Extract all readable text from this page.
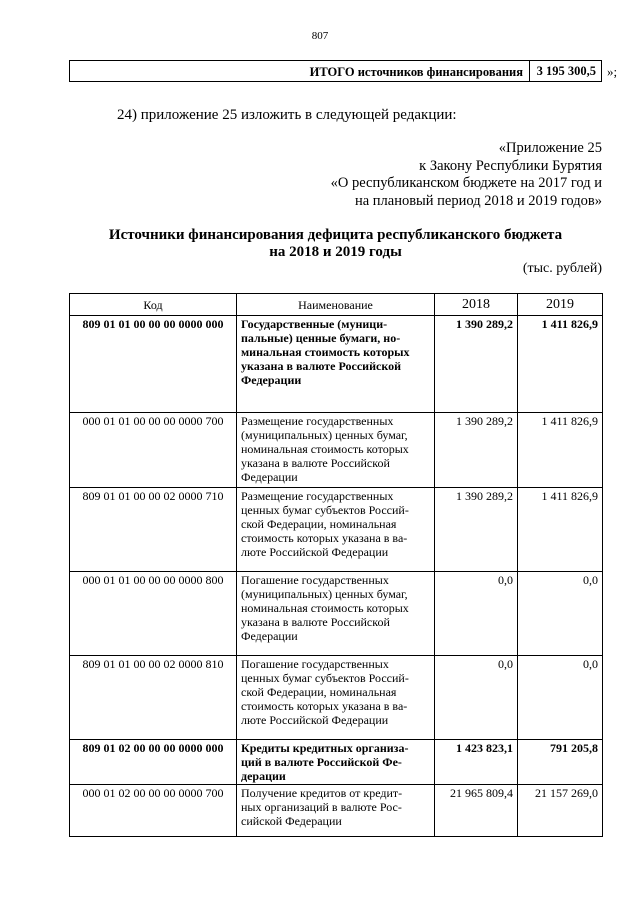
807
ИТОГО источников финансирования	3 195 300,5 »;
24) приложение 25 изложить в следующей редакции:
«Приложение 25
к Закону Республики Бурятия
«О республиканском бюджете на 2017 год и
на плановый период 2018 и 2019 годов»
Источники финансирования дефицита республиканского бюджета
на 2018 и 2019 годы
(тыс. рублей)
Код	Наименование	2018	2019
809 01 01 00 00 00 0000 000	Государственные (муници-
пальные) ценные бумаги, но-
минальная стоимость которых
указана в валюте Российской
Федерации	1 390 289,2	1 411 826,9
000 01 01 00 00 00 0000 700	Размещение государственных
(муниципальных) ценных бумаг,
номинальная стоимость которых
указана в валюте Российской
Федерации	1 390 289,2	1 411 826,9
809 01 01 00 00 02 0000 710	Размещение государственных
ценных бумаг субъектов Россий-
ской Федерации, номинальная
стоимость которых указана в ва-
люте Российской Федерации	1 390 289,2	1 411 826,9
000 01 01 00 00 00 0000 800	Погашение государственных
(муниципальных) ценных бумаг,
номинальная стоимость которых
указана в валюте Российской
Федерации	0,0	0,0
809 01 01 00 00 02 0000 810	Погашение государственных
ценных бумаг субъектов Россий-
ской Федерации, номинальная
стоимость которых указана в ва-
люте Российской Федерации	0,0	0,0
809 01 02 00 00 00 0000 000	Кредиты кредитных организа-
ций в валюте Российской Фе-
дерации	1 423 823,1	791 205,8
000 01 02 00 00 00 0000 700	Получение кредитов от кредит-
ных организаций в валюте Рос-
сийской Федерации	21 965 809,4	21 157 269,0
